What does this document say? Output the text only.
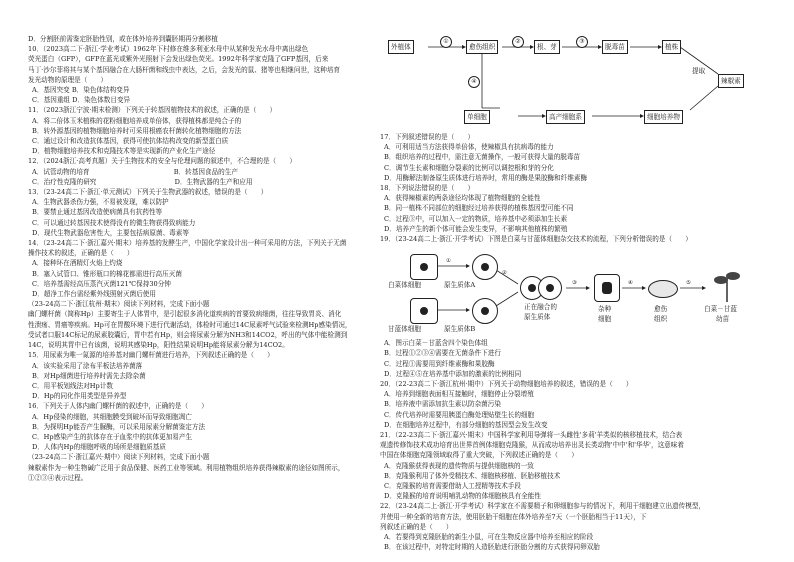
D．分割胚前需鉴定胚胎性别，或在体外培养到囊胚期再分割移植

10．（2023高二下·浙江·学业考试）1962年下村修在维多利亚水母中从某种发光水母中离出绿色

荧光蛋白（GFP），GFP在蓝光或紫外光照射下会发出绿色荧光。1992年科学家克隆了GFP基因，后来

马丁·沙尔菲将其与某个基因融合在大肠杆菌和线虫中表达，之后，会发光的鼠、猪等也相继问世，这种培育

发光动物的原理是（　　）

A．基因突变 B．染色体结构变异

C．基因重组 D．染色体数目变异

11．（2023浙江宁波·期末检测）下列关于转基因植物技术的叙述，正确的是（　　）

A．将二倍体玉米植株的花粉细胞培养成单倍体，获得植株都是纯合子的

B．转外源基因的植物细胞培养时可采用根癌农杆菌转化植物细胞的方法

C．通过设计和改造抗体基因，获得可使抗体结构改变的新型蛋白质

D．植物细胞培养技术和克隆技术等是实现新的产业化生产途径

12．（2024浙江·高考真题）关于生物技术的安全与伦理问题的叙述中，不合理的是（　　）

A．试管动物的培育	B．转基因食品的生产

C．治疗性克隆的研究	D．生物武器的生产和应用

13．（23-24高二下·浙江·单元测试）下列关于生物武器的叙述，错误的是（　　）

A．生物武器杀伤力强，不易被发现，难以防护

B．要禁止通过基因改造使病菌具有抗药性等

C．可以通过转基因技术使得没有的微生物获得致病能力

D．现代生物武器危害性大，主要包括病原菌、毒素等

14．（23-24高二下·浙江嘉兴·期末）培养基的发酵生产，中国化学家设计出一种可采用的方法，下列关于无菌

操作技术的叙述，正确的是（　　）

A．接种环在酒精灯火焰上灼烧

B．塞入试管口、锥形瓶口的棉花都需进行高压灭菌

C．培养基需经高压蒸汽灭菌121℃保持30分钟

D．超净工作台需经紫外线照射灭菌后使用

（23-24高二下·浙江杭州·期末）阅读下列材料，完成下面小题

幽门螺杆菌（简称Hp）主要寄生于人体胃中，是引起很多消化道疾病的首要致病细菌，往往导致胃炎、消化

性溃疡、胃癌等疾病。Hp可在胃酸环境下进行代谢活动，体检时可通过14C尿素呼气试验来检测Hp感染情况，

受试者口服14C标记的尿素胶囊后，胃中若有Hp，则会将尿素分解为NH3和14CO2，呼出的气体中能检测到

14C，说明其胃中已有该菌，说明其感染Hp，阳性结果说明Hp能将尿素分解为14CO2。

15．用尿素为唯一氮源的培养基对幽门螺杆菌进行培养，下列叙述正确的是（　　）

A．该实验采用了涂布平板法培养菌落

B．对Hp细菌进行培养时需先去除杂菌

C．用平板划线法对Hp计数

D．Hp的同化作用类型是异养型

16．下列关于人体内幽门螺杆菌的叙述中，正确的是（　　）

A．Hp侵染的细胞，其细胞膜受到破坏而导致细胞凋亡

B．为探明Hp能否产生脲酶，可以采用尿素分解菌鉴定方法

C．Hp感染产生的抗体存在于血浆中的抗体更加易产生

D．人体内Hp的细胞呼吸的场所是细胞质基质

（23-24高二下·浙江嘉兴·期中）阅读下列材料，完成下面小题

辣椒素作为一种生物碱广泛用于食品保健、医药工业等领域。利用植物组织培养获得辣椒素的途径如图所示，

①②③④表示过程。

外植体
①
愈伤组织
②
根、芽
③
脱毒苗	植株
④
单细胞	高产细胞系	细胞培养物
辣椒素
提取

17．下列叙述错误的是（　　）

A．可利用适当方法获得单倍体，使辣椒具有抗病毒的能力

B．组织培养的过程中，需注意无菌操作，一般可获得大量的脱毒苗

C．调节生长素和细胞分裂素的比例可以调控根和芽的分化

D．用酶解法制备原生质体进行培养时，常用的酶是果胶酶和纤维素酶

18．下列说法错误的是（　　）

A．获得辣椒素的两条途径均体现了植物细胞的全能性

B．同一植株不同部位的细胞经过培养获得的植株基因型可能不同

C．过程③中，可以加入一定的物质，培养基中必须添加生长素

D．培养产生的新个体可能会发生变异，不影响其他植株的繁殖

19．（23-24高二上·浙江·开学考试）下图是白菜与甘蓝体细胞杂交技术的流程，下列分析错误的是（　　）

①
②
③	④	⑤
白菜体细胞	原生质体A
甘蓝体细胞	原生质体B
正在融合的
原生质体
杂种
细胞
愈伤
组织
白菜－甘蓝
幼苗

A．图示白菜－甘蓝含四个染色体组

B．过程①②③④需要在无菌条件下进行

C．过程①需要用到纤维素酶和果胶酶

D．过程④⑤在培养基中添加的激素的比例相同

20．（22-23高二下·浙江杭州·期中）下列关于动物细胞培养的叙述，错误的是（　　）

A．培养到细胞表面相互接触时，细胞停止分裂增殖

B．培养液中需添加抗生素以防杂菌污染

C．传代培养时需要用胰蛋白酶处理贴壁生长的细胞

D．在细胞培养过程中，有部分细胞的基因型会发生改变

21．（22-23高二下·浙江嘉兴·期末）中国科学家利用导弹将一头雌性'多莉'羊类似的核移植技术，结合表

观遗传修饰技术成功培育出世界首例体细胞克隆猴，从而成功培养出灵长类动物'中中'和'华华'，这意味着

中国在体细胞克隆领域取得了重大突破，下列叙述正确的是（　　）

A．克隆猴获得表现的遗传物质与提供细胞核的一致

B．克隆猴利用了体外受精技术、细胞核移植、胚胎移植技术

C．克隆猴的培育需要借助人工授精等技术手段

D．克隆猴的培育说明哺乳动物的体细胞核具有全能性

22．（23-24高二上·浙江·开学考试）科学家在不需要精子和卵细胞参与的情况下，利用干细胞建立出遗传模型，

并使用一种全新的培育方法，使用胚胎干细胞在体外培养至7天（一个胚胎相当于11天），下

列叙述正确的是（　　）

A．若要得到克隆胚胎的新生小鼠，可在生物反应器中培养至相应的阶段

B．在该过程中，对特定时期的人造胚胎进行胚胎分割的方式获得同卵双胎
